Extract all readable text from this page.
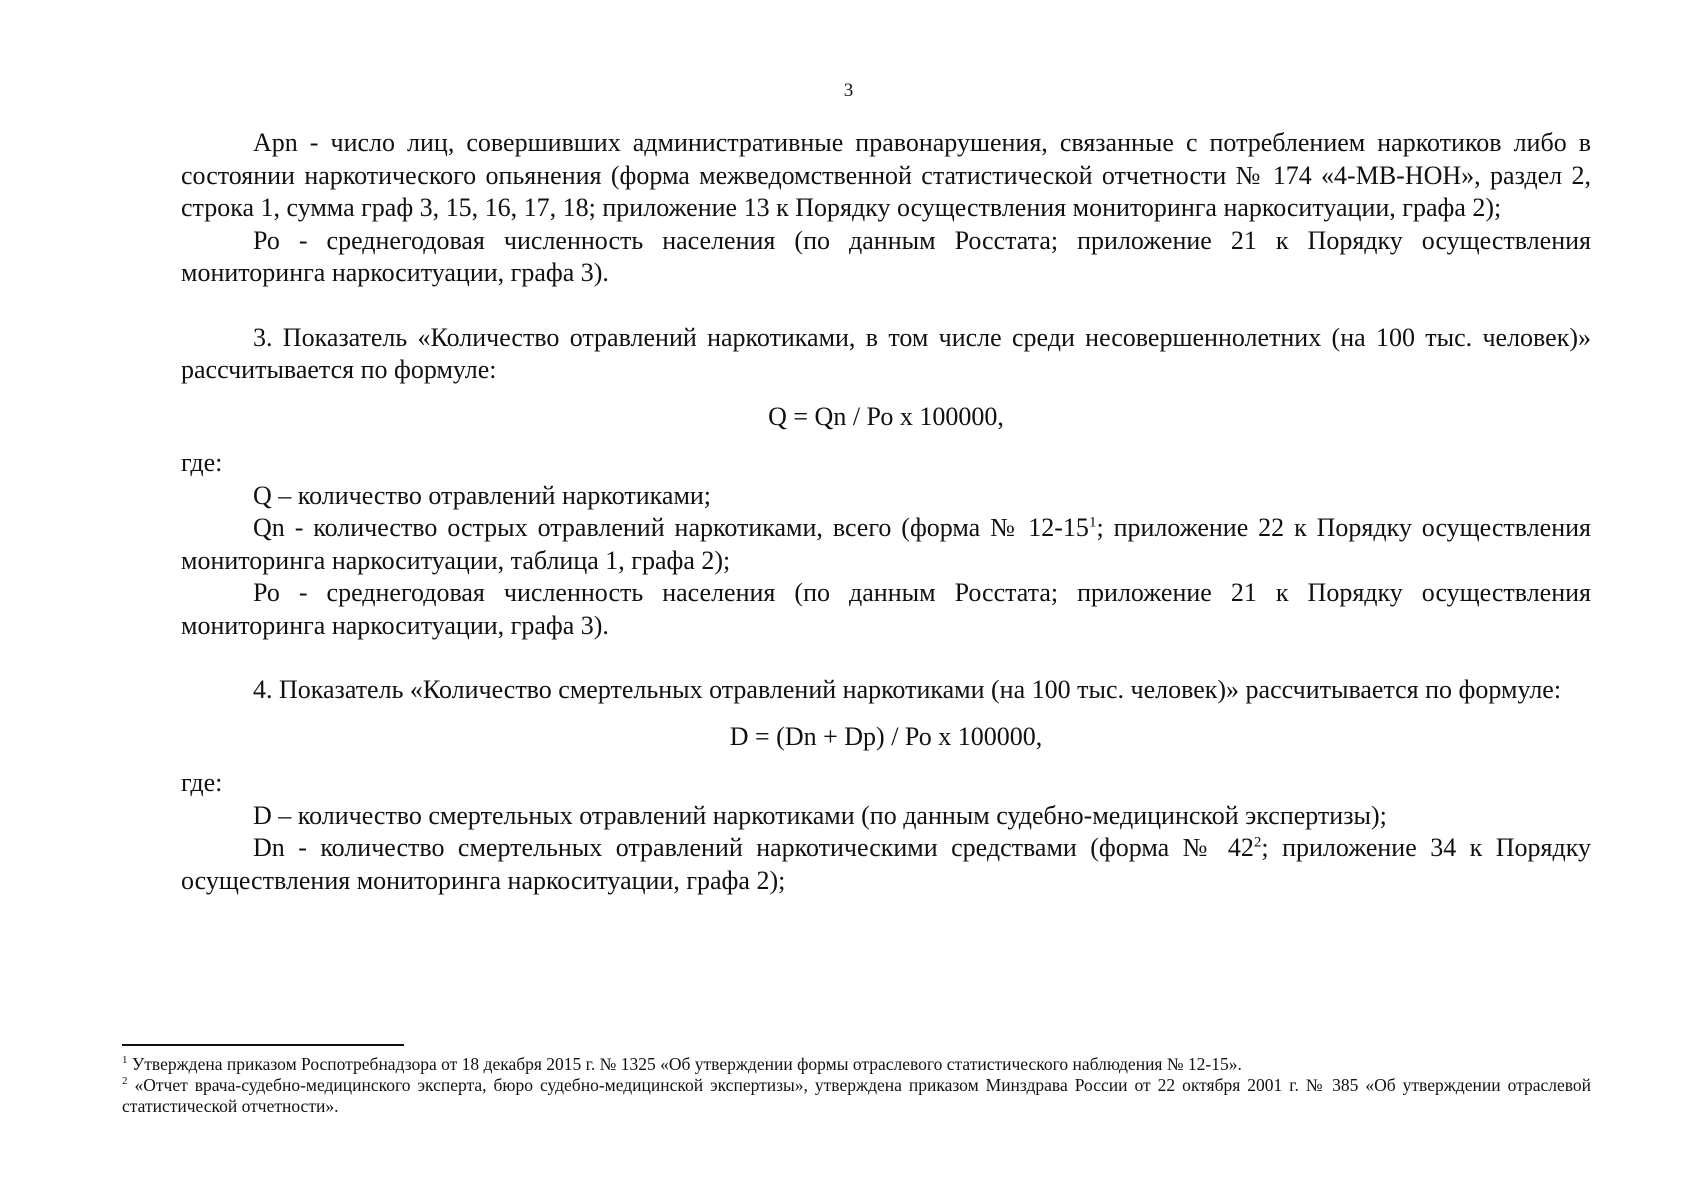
3

Арn - число лиц, совершивших административные правонарушения, связанные с потреблением наркотиков либо в состоянии наркотического опьянения (форма межведомственной статистической отчетности № 174 «4-МВ-НОН», раздел 2, строка 1, сумма граф 3, 15, 16, 17, 18; приложение 13 к Порядку осуществления мониторинга наркоситуации, графа 2);

Ро - среднегодовая численность населения (по данным Росстата; приложение 21 к Порядку осуществления мониторинга наркоситуации, графа 3).

3. Показатель «Количество отравлений наркотиками, в том числе среди несовершеннолетних (на 100 тыс. человек)» рассчитывается по формуле:

Q = Qn / Ро х 100000,

где:

Q – количество отравлений наркотиками;

Qn - количество острых отравлений наркотиками, всего (форма № $12-15^1$; приложение 22 к Порядку осуществления мониторинга наркоситуации, таблица 1, графа 2);

Ро - среднегодовая численность населения (по данным Росстата; приложение 21 к Порядку осуществления мониторинга наркоситуации, графа 3).

4. Показатель «Количество смертельных отравлений наркотиками (на 100 тыс. человек)» рассчитывается по формуле:

D = (Dn + Dp) / Ро х 100000,

где:

D – количество смертельных отравлений наркотиками (по данным судебно-медицинской экспертизы);

Dn - количество смертельных отравлений наркотическими средствами (форма № $42^2$; приложение 34 к Порядку осуществления мониторинга наркоситуации, графа 2);

$^1$ Утверждена приказом Роспотребнадзора от 18 декабря 2015 г. № 1325 «Об утверждении формы отраслевого статистического наблюдения № 12-15».

$^2$ «Отчет врача-судебно-медицинского эксперта, бюро судебно-медицинской экспертизы», утверждена приказом Минздрава России от 22 октября 2001 г. № 385 «Об утверждении отраслевой статистической отчетности».
